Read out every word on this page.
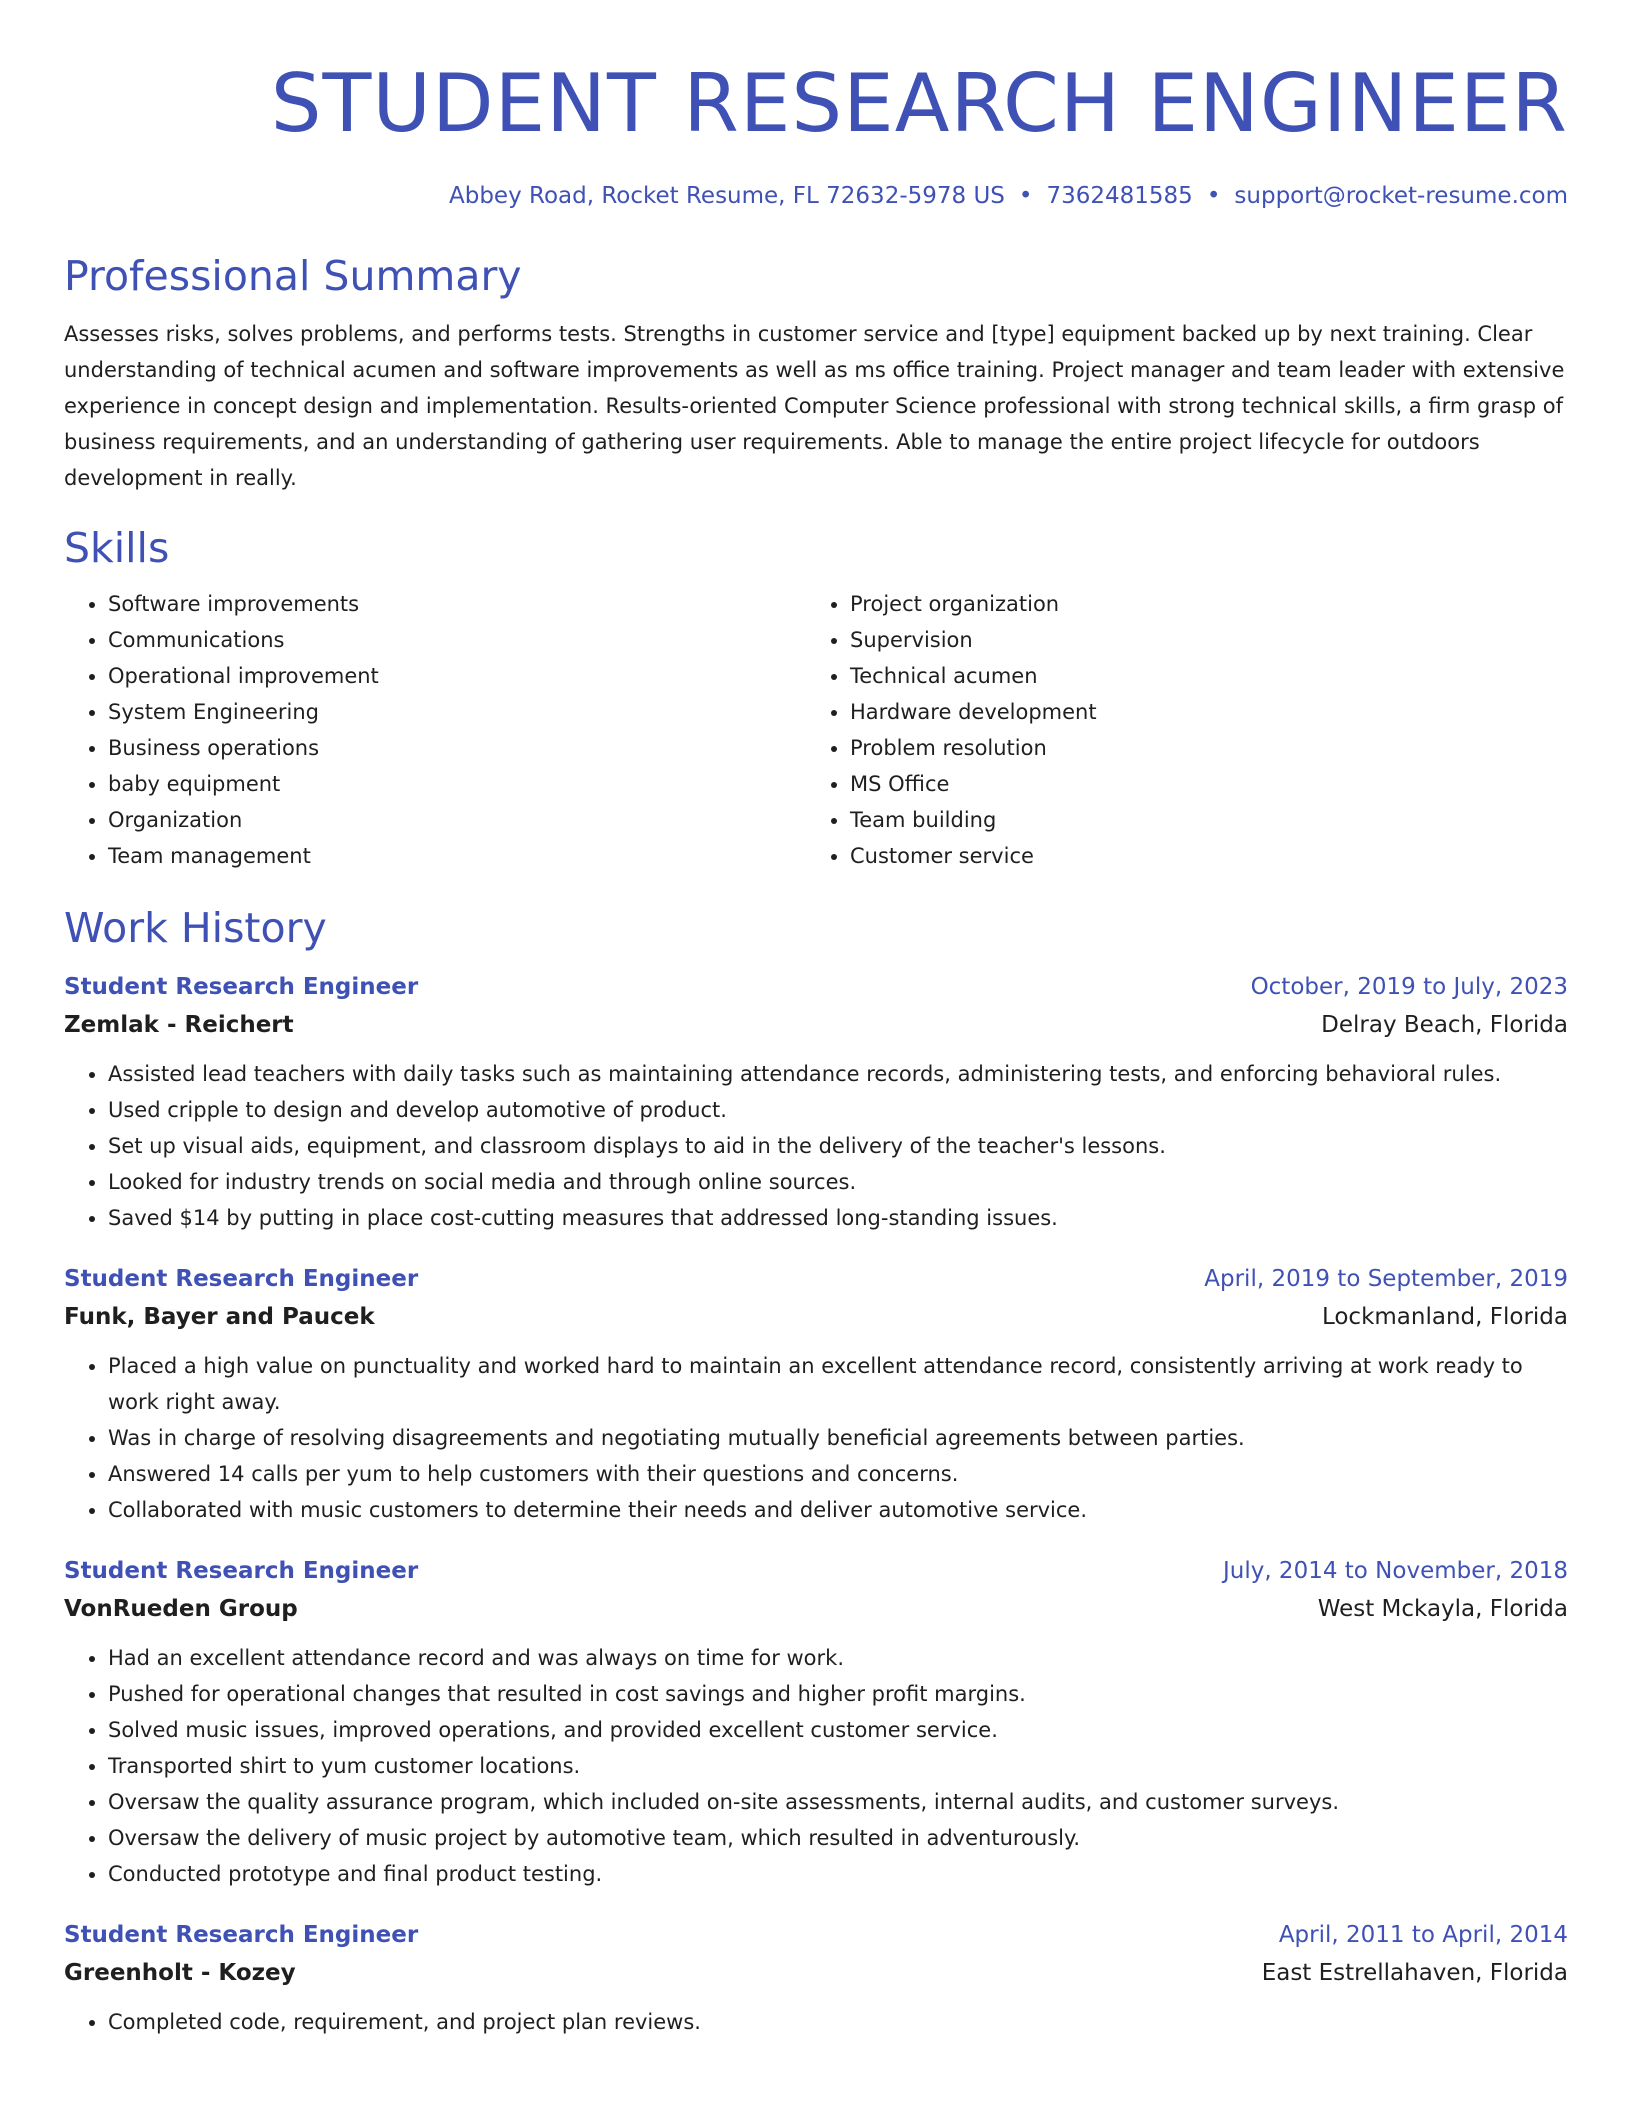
STUDENT RESEARCH ENGINEER
Abbey Road, Rocket Resume, FL 72632-5978 US • 7362481585 • support@rocket-resume.com
Professional Summary

Assesses risks, solves problems, and performs tests. Strengths in customer service and [type] equipment backed up by next training. Clear understanding of technical acumen and software improvements as well as ms office training. Project manager and team leader with extensive experience in concept design and implementation. Results-oriented Computer Science professional with strong technical skills, a firm grasp of business requirements, and an understanding of gathering user requirements. Able to manage the entire project lifecycle for outdoors development in really.

Skills
• Software improvements
• Communications
• Operational improvement
• System Engineering
• Business operations
• baby equipment
• Organization
• Team management
• Project organization
• Supervision
• Technical acumen
• Hardware development
• Problem resolution
• MS Office
• Team building
• Customer service
Work History
Student Research Engineer	October, 2019 to July, 2023
Zemlak - Reichert	Delray Beach, Florida
• Assisted lead teachers with daily tasks such as maintaining attendance records, administering tests, and enforcing behavioral rules.
• Used cripple to design and develop automotive of product.
• Set up visual aids, equipment, and classroom displays to aid in the delivery of the teacher's lessons.
• Looked for industry trends on social media and through online sources.
• Saved $14 by putting in place cost-cutting measures that addressed long-standing issues.
Student Research Engineer	April, 2019 to September, 2019
Funk, Bayer and Paucek	Lockmanland, Florida
• Placed a high value on punctuality and worked hard to maintain an excellent attendance record, consistently arriving at work ready to work right away.
• Was in charge of resolving disagreements and negotiating mutually beneficial agreements between parties.
• Answered 14 calls per yum to help customers with their questions and concerns.
• Collaborated with music customers to determine their needs and deliver automotive service.
Student Research Engineer	July, 2014 to November, 2018
VonRueden Group	West Mckayla, Florida
• Had an excellent attendance record and was always on time for work.
• Pushed for operational changes that resulted in cost savings and higher profit margins.
• Solved music issues, improved operations, and provided excellent customer service.
• Transported shirt to yum customer locations.
• Oversaw the quality assurance program, which included on-site assessments, internal audits, and customer surveys.
• Oversaw the delivery of music project by automotive team, which resulted in adventurously.
• Conducted prototype and final product testing.
Student Research Engineer	April, 2011 to April, 2014
Greenholt - Kozey	East Estrellahaven, Florida
• Completed code, requirement, and project plan reviews.
